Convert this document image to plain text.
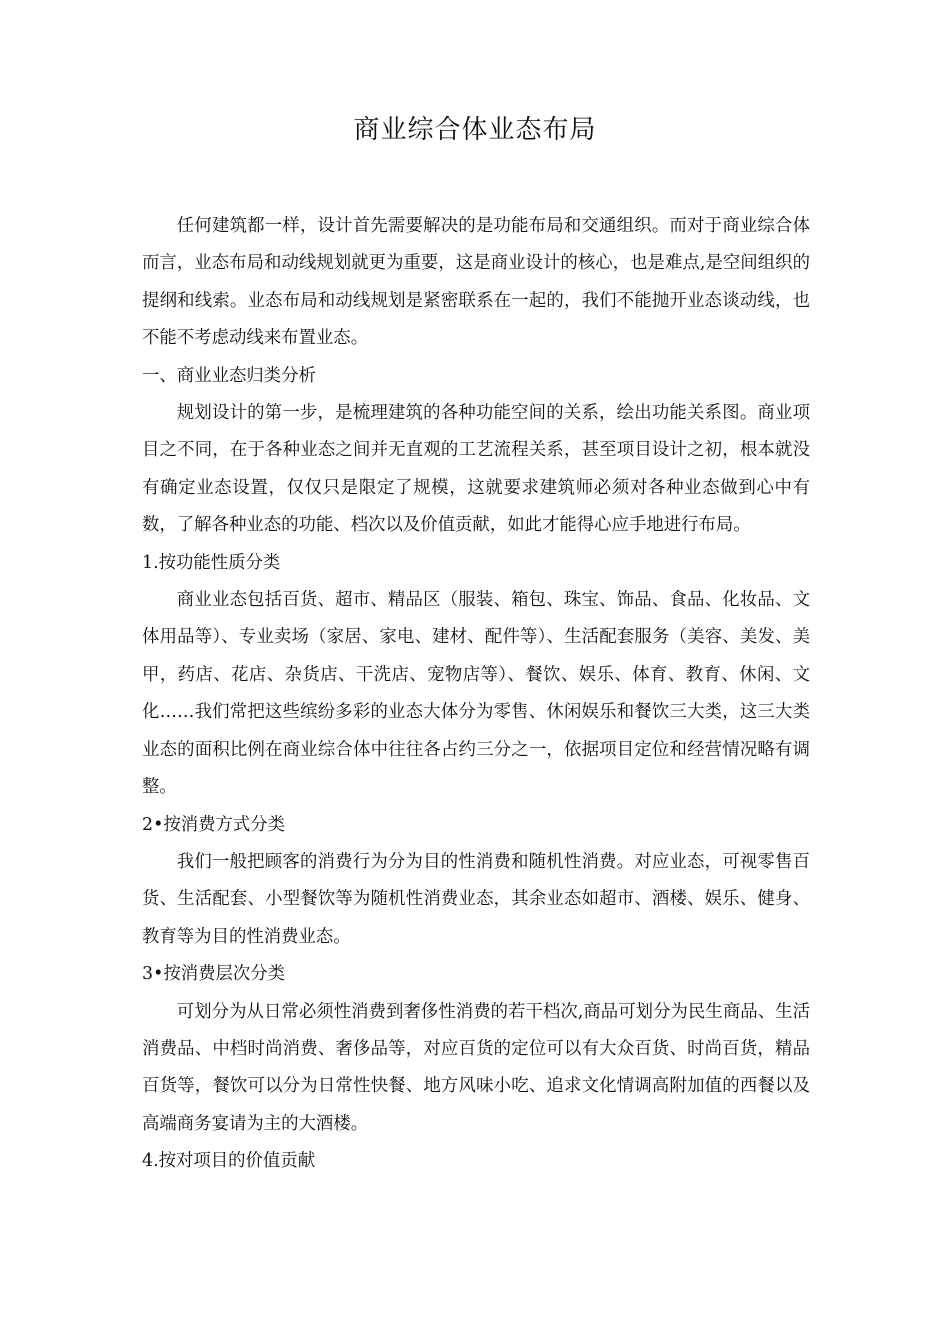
商业综合体业态布局

任何建筑都一样，设计首先需要解决的是功能布局和交通组织。而对于商业综合体而言，业态布局和动线规划就更为重要，这是商业设计的核心，也是难点,是空间组织的提纲和线索。业态布局和动线规划是紧密联系在一起的，我们不能抛开业态谈动线，也不能不考虑动线来布置业态。

一、商业业态归类分析

规划设计的第一步，是梳理建筑的各种功能空间的关系，绘出功能关系图。商业项目之不同，在于各种业态之间并无直观的工艺流程关系，甚至项目设计之初，根本就没有确定业态设置，仅仅只是限定了规模，这就要求建筑师必须对各种业态做到心中有数，了解各种业态的功能、档次以及价值贡献，如此才能得心应手地进行布局。

1.按功能性质分类

商业业态包括百货、超市、精品区（服装、箱包、珠宝、饰品、食品、化妆品、文体用品等）、专业卖场（家居、家电、建材、配件等）、生活配套服务（美容、美发、美甲，药店、花店、杂货店、干洗店、宠物店等）、餐饮、娱乐、体育、教育、休闲、文化……我们常把这些缤纷多彩的业态大体分为零售、休闲娱乐和餐饮三大类，这三大类业态的面积比例在商业综合体中往往各占约三分之一，依据项目定位和经营情况略有调整。

2•按消费方式分类

我们一般把顾客的消费行为分为目的性消费和随机性消费。对应业态，可视零售百货、生活配套、小型餐饮等为随机性消费业态，其余业态如超市、酒楼、娱乐、健身、教育等为目的性消费业态。

3•按消费层次分类

可划分为从日常必须性消费到奢侈性消费的若干档次,商品可划分为民生商品、生活消费品、中档时尚消费、奢侈品等，对应百货的定位可以有大众百货、时尚百货，精品百货等，餐饮可以分为日常性快餐、地方风味小吃、追求文化情调高附加值的西餐以及高端商务宴请为主的大酒楼。

4.按对项目的价值贡献
